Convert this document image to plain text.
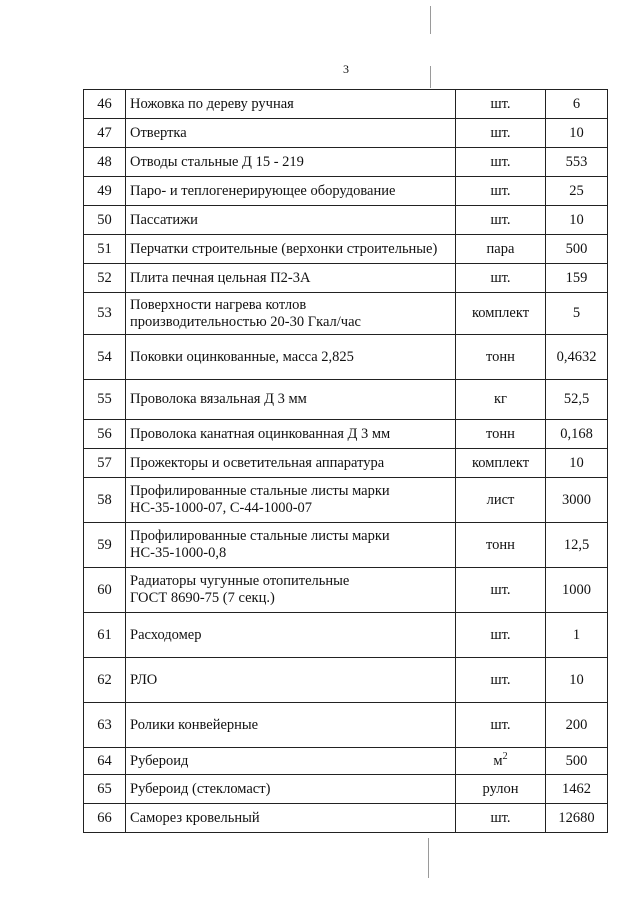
3
46	Ножовка по дереву ручная	шт.	6
47	Отвертка	шт.	10
48	Отводы стальные Д 15 - 219	шт.	553
49	Паро- и теплогенерирующее оборудование	шт.	25
50	Пассатижи	шт.	10
51	Перчатки строительные (верхонки строительные)	пара	500
52	Плита печная цельная П2-3А	шт.	159
53	Поверхности нагрева котлов
производительностью 20-30 Гкал/час	комплект	5
54	Поковки оцинкованные, масса 2,825	тонн	0,4632
55	Проволока вязальная Д 3 мм	кг	52,5
56	Проволока канатная оцинкованная Д 3 мм	тонн	0,168
57	Прожекторы и осветительная аппаратура	комплект	10
58	Профилированные стальные листы марки
НС-35-1000-07, С-44-1000-07	лист	3000
59	Профилированные стальные листы марки
НС-35-1000-0,8	тонн	12,5
60	Радиаторы чугунные отопительные
ГОСТ 8690-75 (7 секц.)	шт.	1000
61	Расходомер	шт.	1
62	РЛО	шт.	10
63	Ролики конвейерные	шт.	200
64	Рубероид	$м^2$	500
65	Рубероид (стекломаст)	рулон	1462
66	Саморез кровельный	шт.	12680
